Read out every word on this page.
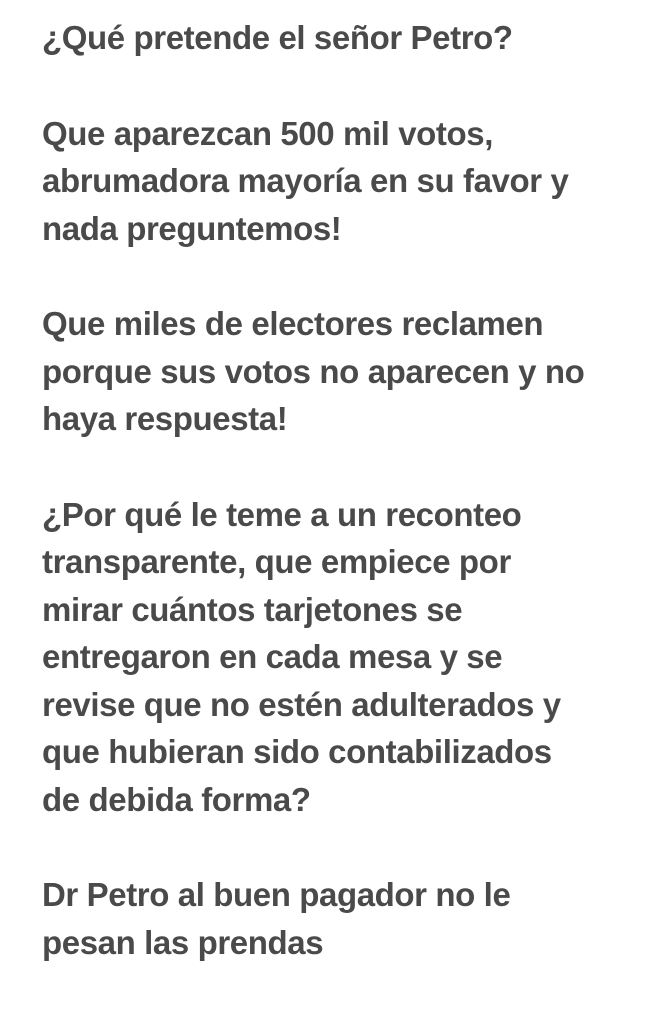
¿Qué pretende el señor Petro?

Que aparezcan 500 mil votos,
abrumadora mayoría en su favor y
nada preguntemos!

Que miles de electores reclamen
porque sus votos no aparecen y no
haya respuesta!

¿Por qué le teme a un reconteo
transparente, que empiece por
mirar cuántos tarjetones se
entregaron en cada mesa y se
revise que no estén adulterados y
que hubieran sido contabilizados
de debida forma?

Dr Petro al buen pagador no le
pesan las prendas
